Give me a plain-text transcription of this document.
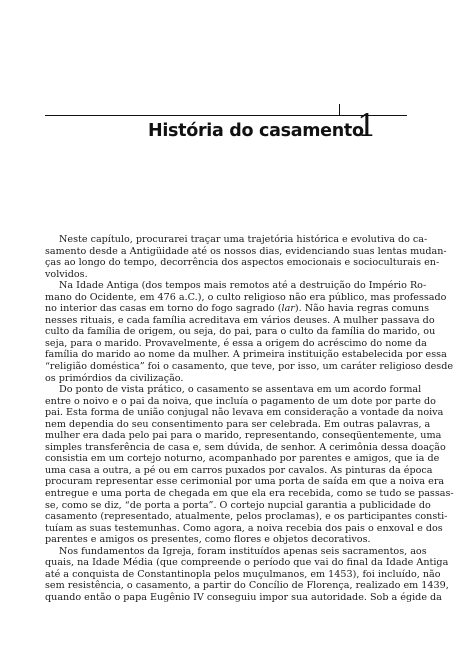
História do casamento
1
Neste capítulo, procurarei traçar uma trajetória histórica e evolutiva do ca-
samento desde a Antigüidade até os nossos dias, evidenciando suas lentas mudan-
ças ao longo do tempo, decorrência dos aspectos emocionais e socioculturais en-
volvidos.
Na Idade Antiga (dos tempos mais remotos até a destruição do Império Ro-
mano do Ocidente, em 476 a.C.), o culto religioso não era público, mas professado
no interior das casas em torno do fogo sagrado (lar). Não havia regras comuns
nesses rituais, e cada família acreditava em vários deuses. A mulher passava do
culto da família de origem, ou seja, do pai, para o culto da família do marido, ou
seja, para o marido. Provavelmente, é essa a origem do acréscimo do nome da
família do marido ao nome da mulher. A primeira instituição estabelecida por essa
“religião doméstica” foi o casamento, que teve, por isso, um caráter religioso desde
os primórdios da civilização.
Do ponto de vista prático, o casamento se assentava em um acordo formal
entre o noivo e o pai da noiva, que incluía o pagamento de um dote por parte do
pai. Esta forma de união conjugal não levava em consideração a vontade da noiva
nem dependia do seu consentimento para ser celebrada. Em outras palavras, a
mulher era dada pelo pai para o marido, representando, conseqüentemente, uma
simples transferência de casa e, sem dúvida, de senhor. A cerimônia dessa doação
consistia em um cortejo noturno, acompanhado por parentes e amigos, que ia de
uma casa a outra, a pé ou em carros puxados por cavalos. As pinturas da época
procuram representar esse cerimonial por uma porta de saída em que a noiva era
entregue e uma porta de chegada em que ela era recebida, como se tudo se passas-
se, como se diz, “de porta a porta”. O cortejo nupcial garantia a publicidade do
casamento (representado, atualmente, pelos proclamas), e os participantes consti-
tuíam as suas testemunhas. Como agora, a noiva recebia dos pais o enxoval e dos
parentes e amigos os presentes, como flores e objetos decorativos.
Nos fundamentos da Igreja, foram instituídos apenas seis sacramentos, aos
quais, na Idade Média (que compreende o período que vai do final da Idade Antiga
até a conquista de Constantinopla pelos muçulmanos, em 1453), foi incluído, não
sem resistência, o casamento, a partir do Concílio de Florença, realizado em 1439,
quando então o papa Eugênio IV conseguiu impor sua autoridade. Sob a égide da
